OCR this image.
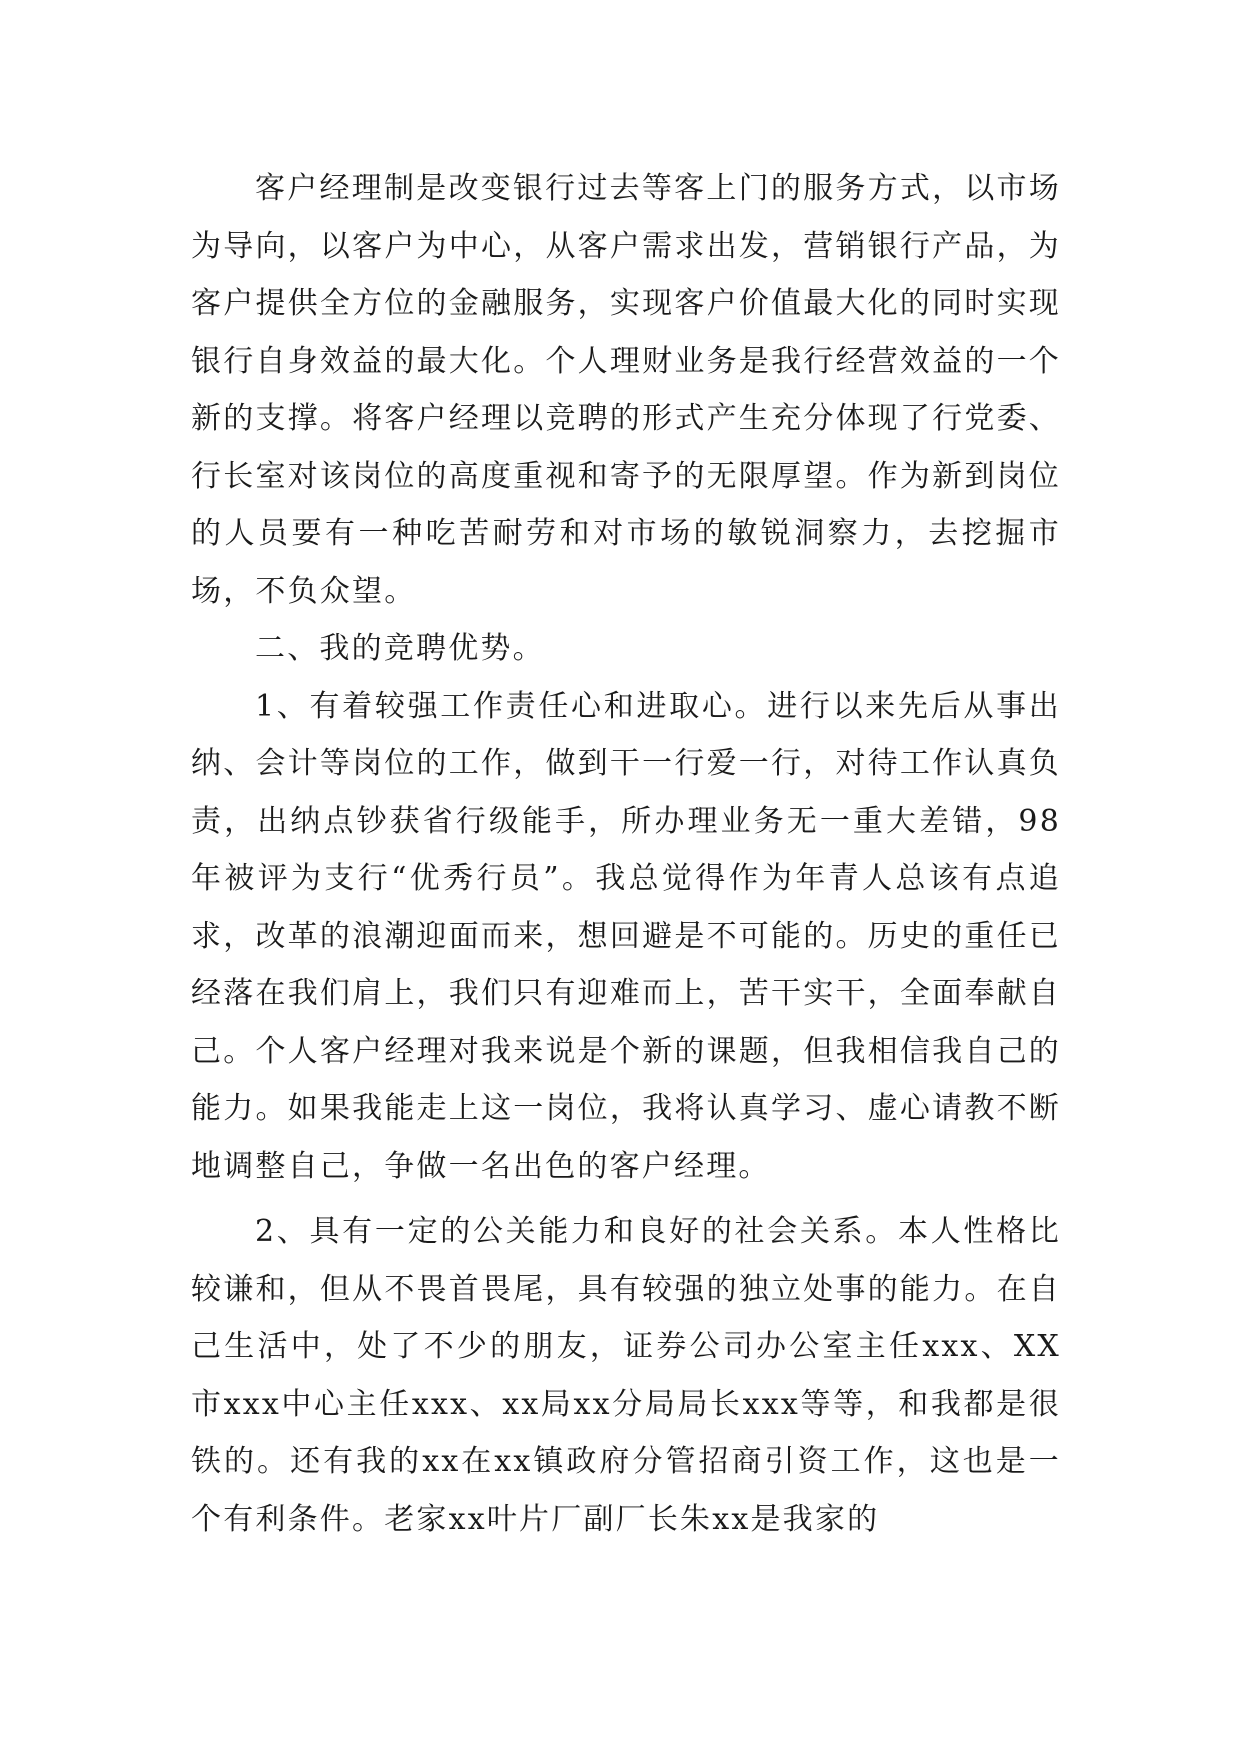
客户经理制是改变银行过去等客上门的服务方式，以市场为导向，以客户为中心，从客户需求出发，营销银行产品，为客户提供全方位的金融服务，实现客户价值最大化的同时实现银行自身效益的最大化。个人理财业务是我行经营效益的一个新的支撑。将客户经理以竞聘的形式产生充分体现了行党委、行长室对该岗位的高度重视和寄予的无限厚望。作为新到岗位的人员要有一种吃苦耐劳和对市场的敏锐洞察力，去挖掘市场，不负众望。

二、我的竞聘优势。

1、有着较强工作责任心和进取心。进行以来先后从事出纳、会计等岗位的工作，做到干一行爱一行，对待工作认真负责，出纳点钞获省行级能手，所办理业务无一重大差错，98年被评为支行“优秀行员”。我总觉得作为年青人总该有点追求，改革的浪潮迎面而来，想回避是不可能的。历史的重任已经落在我们肩上，我们只有迎难而上，苦干实干，全面奉献自己。个人客户经理对我来说是个新的课题，但我相信我自己的能力。如果我能走上这一岗位，我将认真学习、虚心请教不断地调整自己，争做一名出色的客户经理。

2、具有一定的公关能力和良好的社会关系。本人性格比较谦和，但从不畏首畏尾，具有较强的独立处事的能力。在自己生活中，处了不少的朋友，证券公司办公室主任xxx、XX市xxx中心主任xxx、xx局xx分局局长xxx等等，和我都是很铁的。还有我的xx在xx镇政府分管招商引资工作，这也是一个有利条件。老家xx叶片厂副厂长朱xx是我家的
